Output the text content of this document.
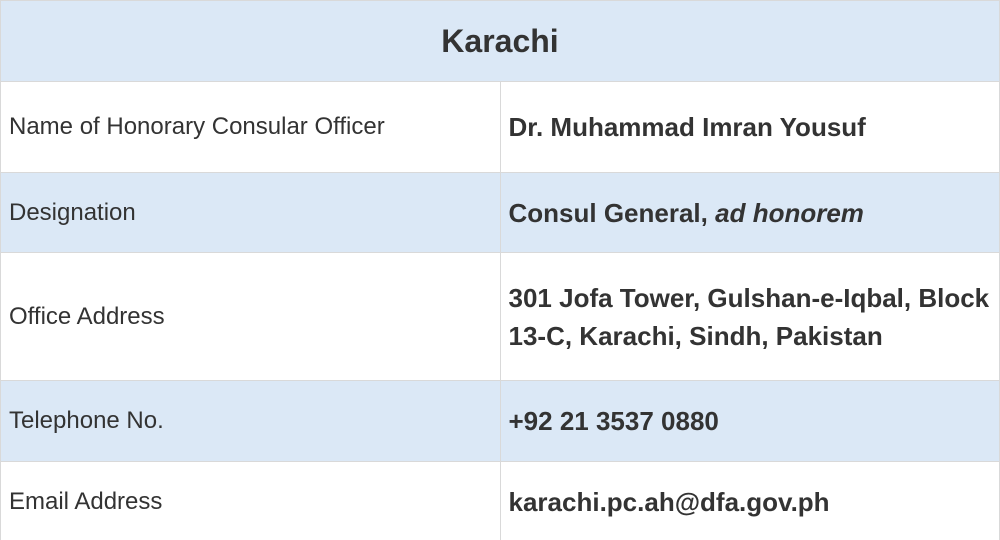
Karachi	
Name of Honorary Consular Officer	Dr. Muhammad Imran Yousuf
Designation	Consul General, ad honorem
Office Address	301 Jofa Tower, Gulshan-e-Iqbal, Block 13-C, Karachi, Sindh, Pakistan
Telephone No.	+92 21 3537 0880
Email Address	karachi.pc.ah@dfa.gov.ph
